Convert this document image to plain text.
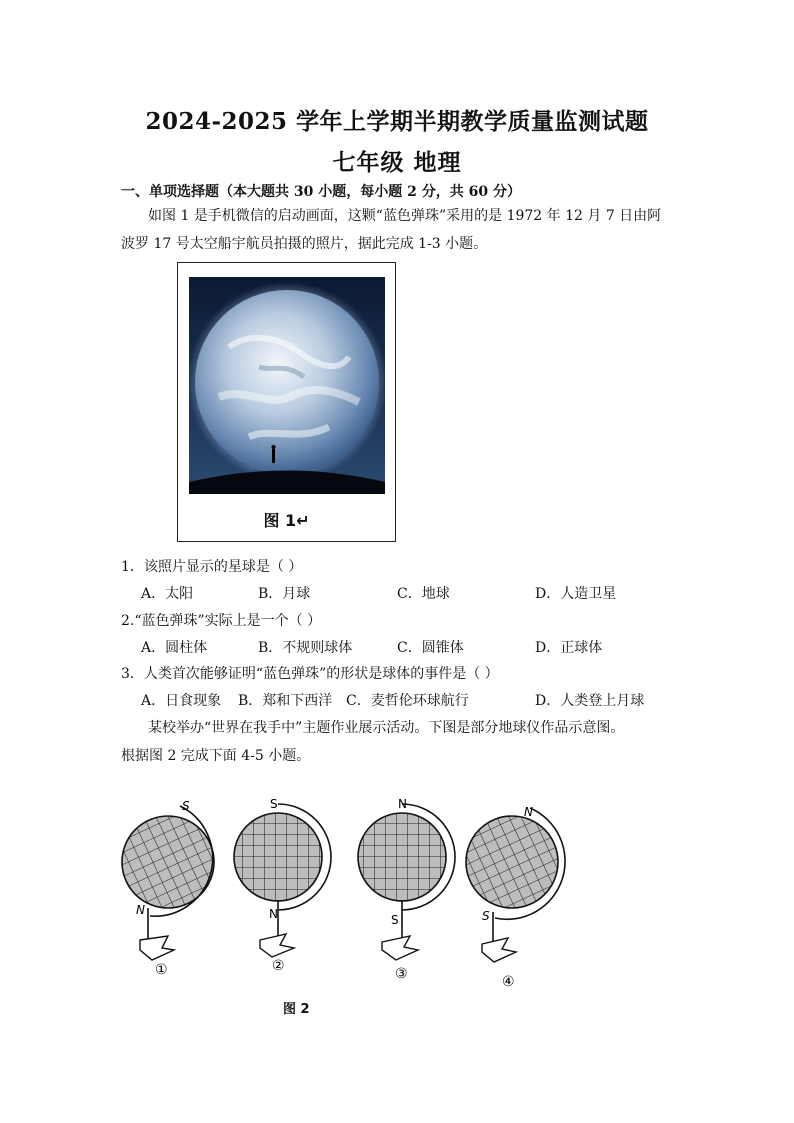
2024-2025 学年上学期半期教学质量监测试题
七年级 地理
一、单项选择题（本大题共 30 小题，每小题 2 分，共 60 分）
如图 1 是手机微信的启动画面，这颗“蓝色弹珠”采用的是 1972 年 12 月 7 日由阿
波罗 17 号太空船宇航员拍摄的照片，据此完成 1-3 小题。
图 1↵
1．该照片显示的星球是（ ）
A．太阳	B．月球	C．地球	D．人造卫星
2.“蓝色弹珠”实际上是一个（ ）
A．圆柱体	B．不规则球体	C．圆锥体	D．正球体
3．人类首次能够证明“蓝色弹珠”的形状是球体的事件是（ ）
A．日食现象 B．郑和下西洋 C．麦哲伦环球航行	D．人类登上月球
某校举办“世界在我手中”主题作业展示活动。下图是部分地球仪作品示意图。
根据图 2 完成下面 4-5 小题。
S
N
①
S
N
②
N
S
③
N
S
④
图 2
